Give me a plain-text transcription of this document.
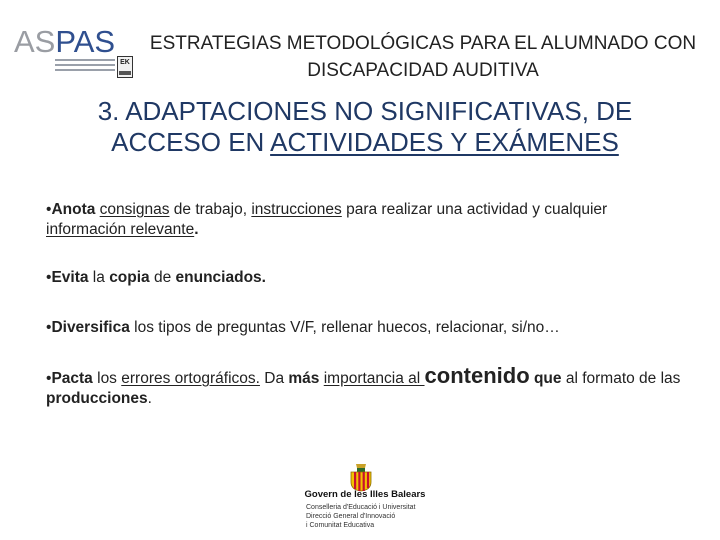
ASPAS
EK
ESTRATEGIAS METODOLÓGICAS PARA EL ALUMNADO CON
DISCAPACIDAD AUDITIVA
3. ADAPTACIONES NO SIGNIFICATIVAS, DE
ACCESO EN ACTIVIDADES Y EXÁMENES
•Anota consignas de trabajo, instrucciones para realizar una actividad y cualquier información relevante.
•Evita la copia de enunciados.
•Diversifica los tipos de preguntas V/F, rellenar huecos, relacionar, si/no…
•Pacta los errores ortográficos. Da más importancia al contenido que al formato de las producciones.
Govern de les Illes Balears
Conselleria d'Educació i Universitat
Direcció General d'Innovació
i Comunitat Educativa
